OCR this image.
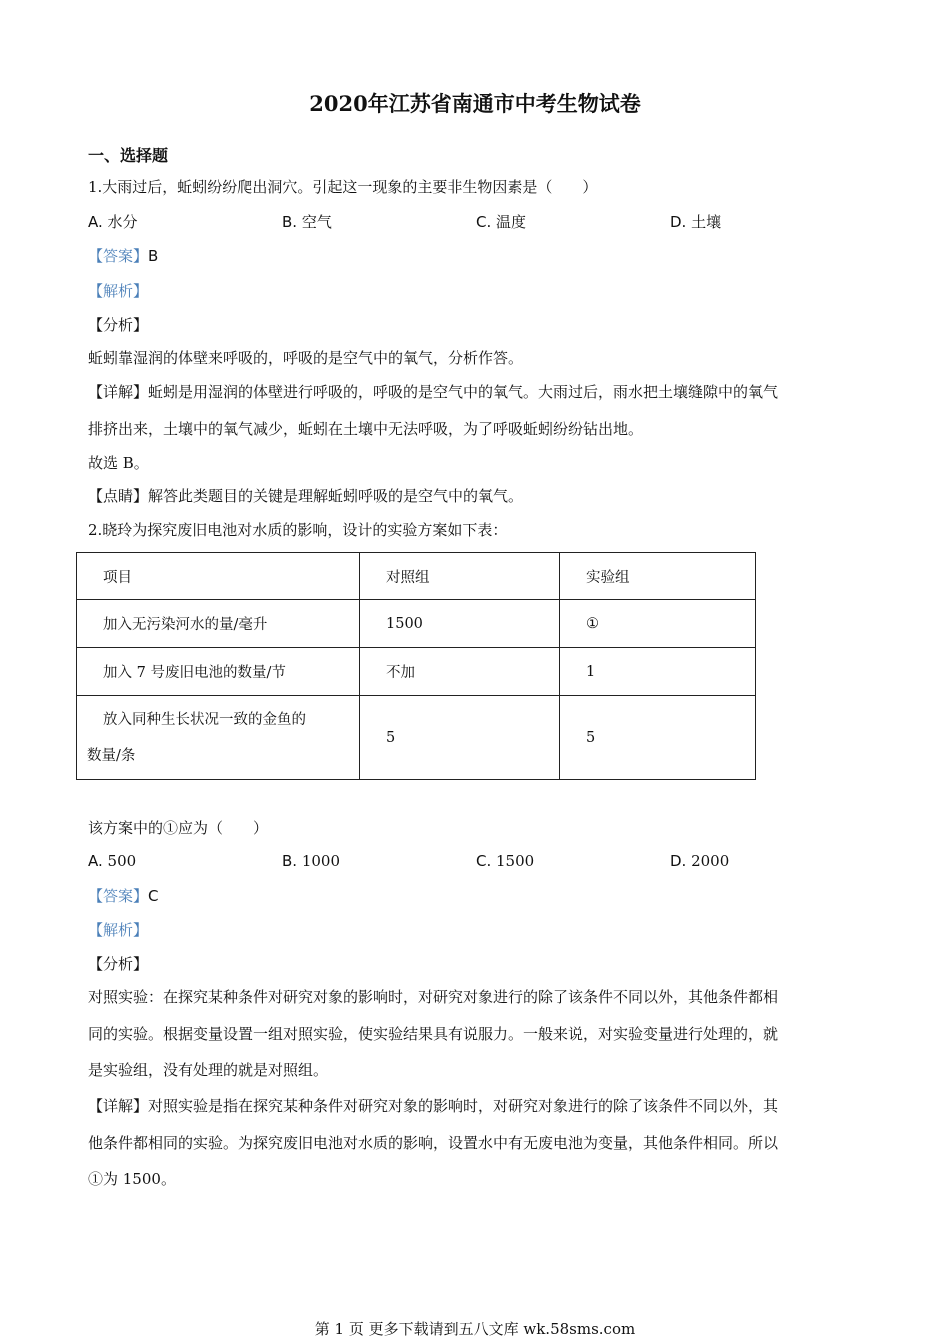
2020年江苏省南通市中考生物试卷
一、选择题
1.大雨过后，蚯蚓纷纷爬出洞穴。引起这一现象的主要非生物因素是（　　）
A. 水分	B. 空气	C. 温度	D. 土壤
【答案】B
【解析】
【分析】
蚯蚓靠湿润的体壁来呼吸的，呼吸的是空气中的氧气，分析作答。
【详解】蚯蚓是用湿润的体壁进行呼吸的，呼吸的是空气中的氧气。大雨过后，雨水把土壤缝隙中的氧气
排挤出来，土壤中的氧气减少，蚯蚓在土壤中无法呼吸，为了呼吸蚯蚓纷纷钻出地。
故选 B。
【点睛】解答此类题目的关键是理解蚯蚓呼吸的是空气中的氧气。
2.晓玲为探究废旧电池对水质的影响，设计的实验方案如下表：
项目	对照组	实验组
加入无污染河水的量/毫升	1500	①
加入 7 号废旧电池的数量/节	不加	1

放入同种生长状况一致的金鱼的
数量/条	5	5
该方案中的①应为（　　）
A. 500	B. 1000	C. 1500	D. 2000
【答案】C
【解析】
【分析】
对照实验：在探究某种条件对研究对象的影响时，对研究对象进行的除了该条件不同以外，其他条件都相
同的实验。根据变量设置一组对照实验，使实验结果具有说服力。一般来说，对实验变量进行处理的，就
是实验组，没有处理的就是对照组。
【详解】对照实验是指在探究某种条件对研究对象的影响时，对研究对象进行的除了该条件不同以外，其
他条件都相同的实验。为探究废旧电池对水质的影响，设置水中有无废电池为变量，其他条件相同。所以
①为 1500。
第 1 页 更多下载请到五八文库 wk.58sms.com
